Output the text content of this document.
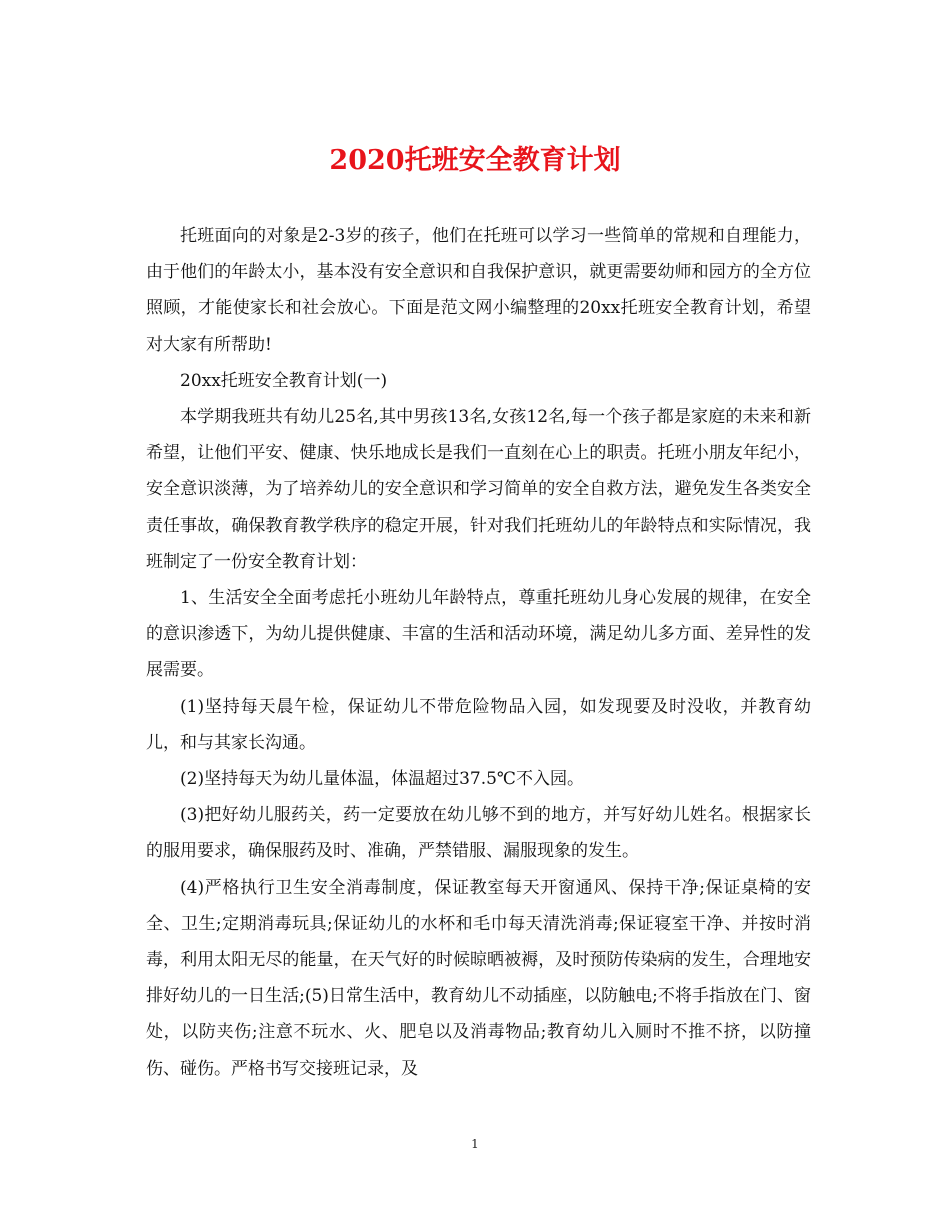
2020托班安全教育计划

托班面向的对象是2-3岁的孩子，他们在托班可以学习一些简单的常规和自理能力，由于他们的年龄太小，基本没有安全意识和自我保护意识，就更需要幼师和园方的全方位照顾，才能使家长和社会放心。下面是范文网小编整理的20xx托班安全教育计划，希望对大家有所帮助!

20xx托班安全教育计划(一)

本学期我班共有幼儿25名,其中男孩13名,女孩12名,每一个孩子都是家庭的未来和新希望，让他们平安、健康、快乐地成长是我们一直刻在心上的职责。托班小朋友年纪小，安全意识淡薄，为了培养幼儿的安全意识和学习简单的安全自救方法，避免发生各类安全责任事故，确保教育教学秩序的稳定开展，针对我们托班幼儿的年龄特点和实际情况，我班制定了一份安全教育计划：

1、生活安全全面考虑托小班幼儿年龄特点，尊重托班幼儿身心发展的规律，在安全的意识渗透下，为幼儿提供健康、丰富的生活和活动环境，满足幼儿多方面、差异性的发展需要。

(1)坚持每天晨午检，保证幼儿不带危险物品入园，如发现要及时没收，并教育幼儿，和与其家长沟通。

(2)坚持每天为幼儿量体温，体温超过37.5℃不入园。

(3)把好幼儿服药关，药一定要放在幼儿够不到的地方，并写好幼儿姓名。根据家长的服用要求，确保服药及时、准确，严禁错服、漏服现象的发生。

(4)严格执行卫生安全消毒制度，保证教室每天开窗通风、保持干净;保证桌椅的安全、卫生;定期消毒玩具;保证幼儿的水杯和毛巾每天清洗消毒;保证寝室干净、并按时消毒，利用太阳无尽的能量，在天气好的时候晾晒被褥，及时预防传染病的发生，合理地安排好幼儿的一日生活;(5)日常生活中，教育幼儿不动插座，以防触电;不将手指放在门、窗处，以防夹伤;注意不玩水、火、肥皂以及消毒物品;教育幼儿入厕时不推不挤，以防撞伤、碰伤。严格书写交接班记录，及

1
